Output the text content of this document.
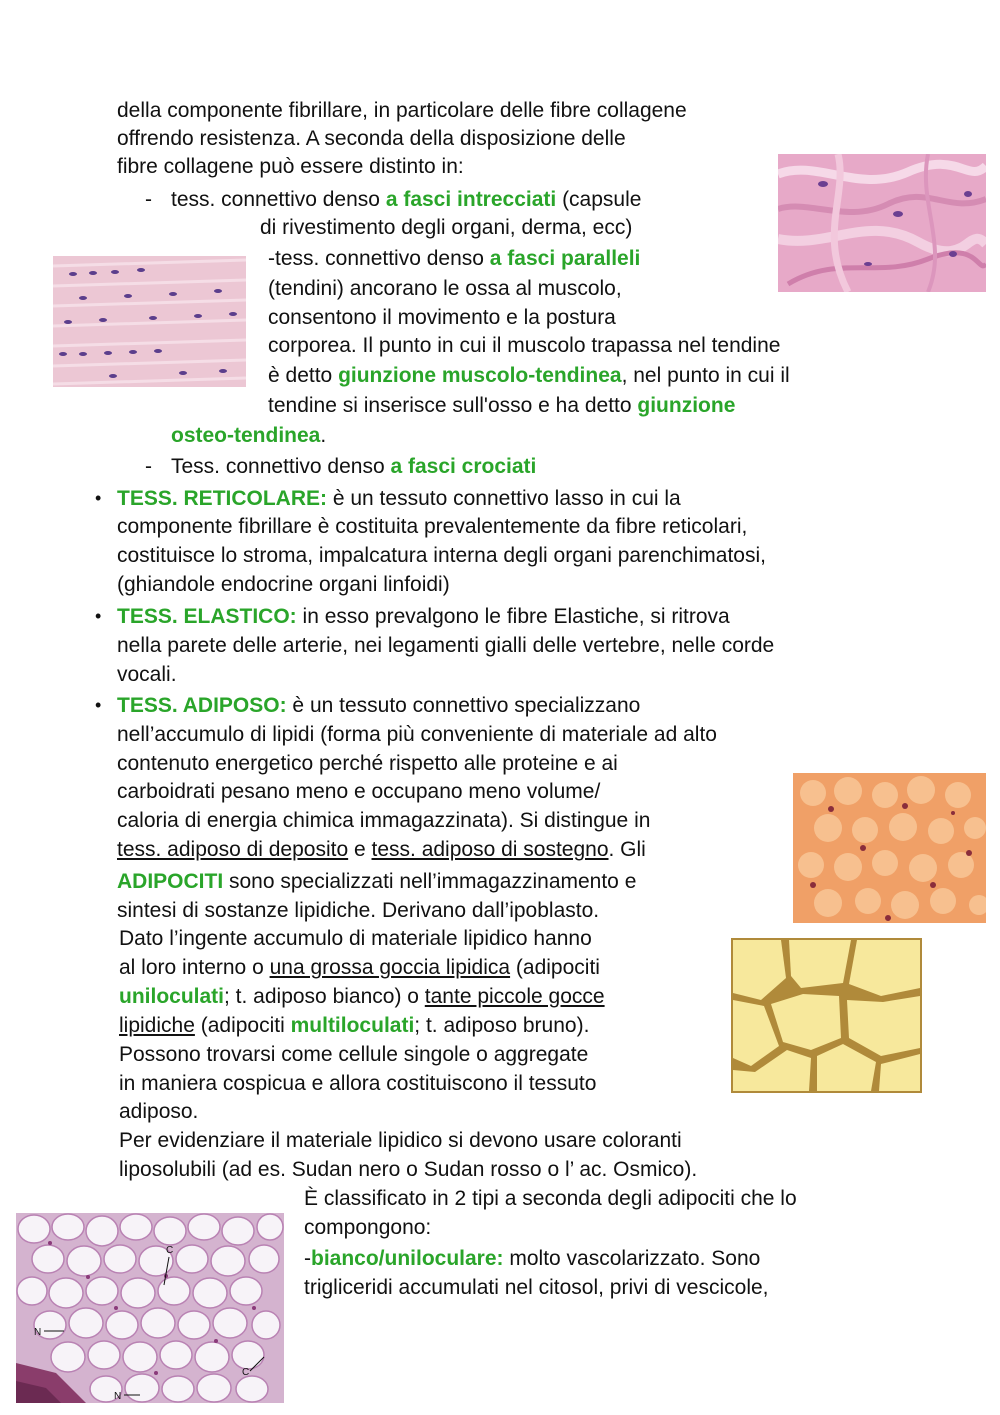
della componente fibrillare, in particolare delle fibre collagene
offrendo resistenza. A seconda della disposizione delle
fibre collagene può essere distinto in:
- tess. connettivo denso a fasci intrecciati (capsule
di rivestimento degli organi, derma, ecc)
-tess. connettivo denso a fasci paralleli
(tendini) ancorano le ossa al muscolo,
consentono il movimento e la postura
corporea. Il punto in cui il muscolo trapassa nel tendine
è detto giunzione muscolo-tendinea, nel punto in cui il
tendine si inserisce sull'osso e ha detto giunzione
osteo-tendinea.
- Tess. connettivo denso a fasci crociati
• TESS. RETICOLARE: è un tessuto connettivo lasso in cui la
componente fibrillare è costituita prevalentemente da fibre reticolari,
costituisce lo stroma, impalcatura interna degli organi parenchimatosi,
(ghiandole endocrine organi linfoidi)
• TESS. ELASTICO: in esso prevalgono le fibre Elastiche, si ritrova
nella parete delle arterie, nei legamenti gialli delle vertebre, nelle corde
vocali.
• TESS. ADIPOSO: è un tessuto connettivo specializzano
nell’accumulo di lipidi (forma più conveniente di materiale ad alto
contenuto energetico perché rispetto alle proteine e ai
carboidrati pesano meno e occupano meno volume/
caloria di energia chimica immagazzinata). Si distingue in
tess. adiposo di deposito e tess. adiposo di sostegno. Gli
ADIPOCITI sono specializzati nell’immagazzinamento e
sintesi di sostanze lipidiche. Derivano dall’ipoblasto.
Dato l’ingente accumulo di materiale lipidico hanno
al loro interno o una grossa goccia lipidica (adipociti
uniloculati; t. adiposo bianco) o tante piccole gocce
lipidiche (adipociti multiloculati; t. adiposo bruno).
Possono trovarsi come cellule singole o aggregate
in maniera cospicua e allora costituiscono il tessuto
adiposo.
Per evidenziare il materiale lipidico si devono usare coloranti
liposolubili (ad es. Sudan nero o Sudan rosso o l’ ac. Osmico).
È classificato in 2 tipi a seconda degli adipociti che lo
compongono:
-bianco/uniloculare: molto vascolarizzato. Sono
trigliceridi accumulati nel citosol, privi di vescicole,
C
C
N
N
